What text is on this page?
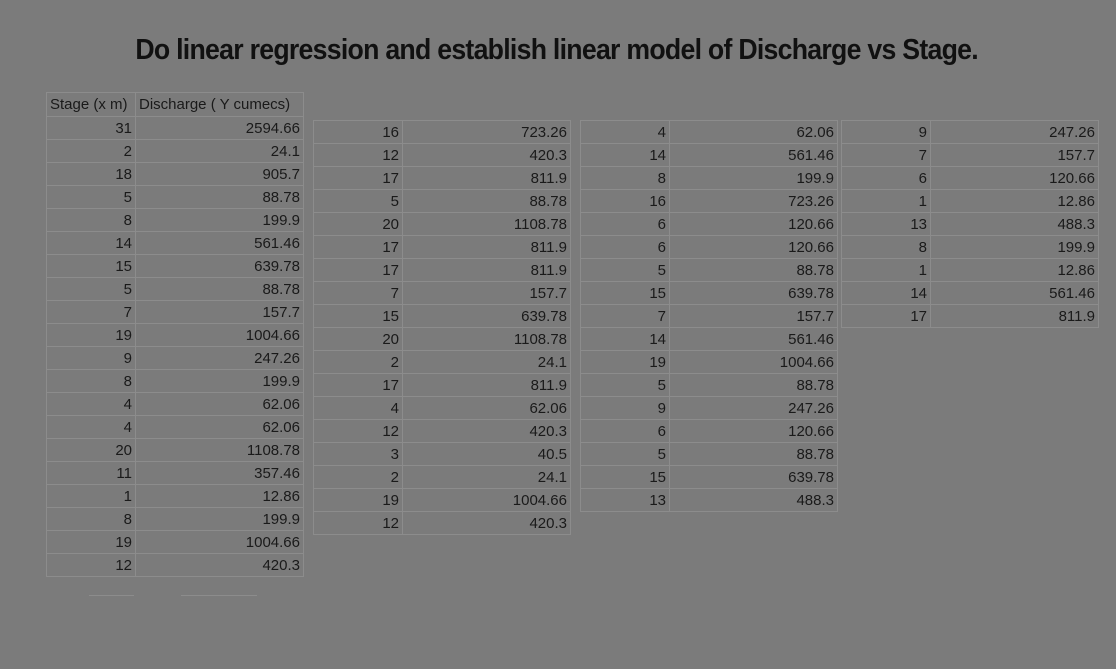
Do linear regression and establish linear model of Discharge vs Stage.
Stage (x m)	Discharge ( Y cumecs)
31	2594.66
2	24.1
18	905.7
5	88.78
8	199.9
14	561.46
15	639.78
5	88.78
7	157.7
19	1004.66
9	247.26
8	199.9
4	62.06
4	62.06
20	1108.78
11	357.46
1	12.86
8	199.9
19	1004.66
12	420.3
16	723.26
12	420.3
17	811.9
5	88.78
20	1108.78
17	811.9
17	811.9
7	157.7
15	639.78
20	1108.78
2	24.1
17	811.9
4	62.06
12	420.3
3	40.5
2	24.1
19	1004.66
12	420.3
4	62.06
14	561.46
8	199.9
16	723.26
6	120.66
6	120.66
5	88.78
15	639.78
7	157.7
14	561.46
19	1004.66
5	88.78
9	247.26
6	120.66
5	88.78
15	639.78
13	488.3
9	247.26
7	157.7
6	120.66
1	12.86
13	488.3
8	199.9
1	12.86
14	561.46
17	811.9
